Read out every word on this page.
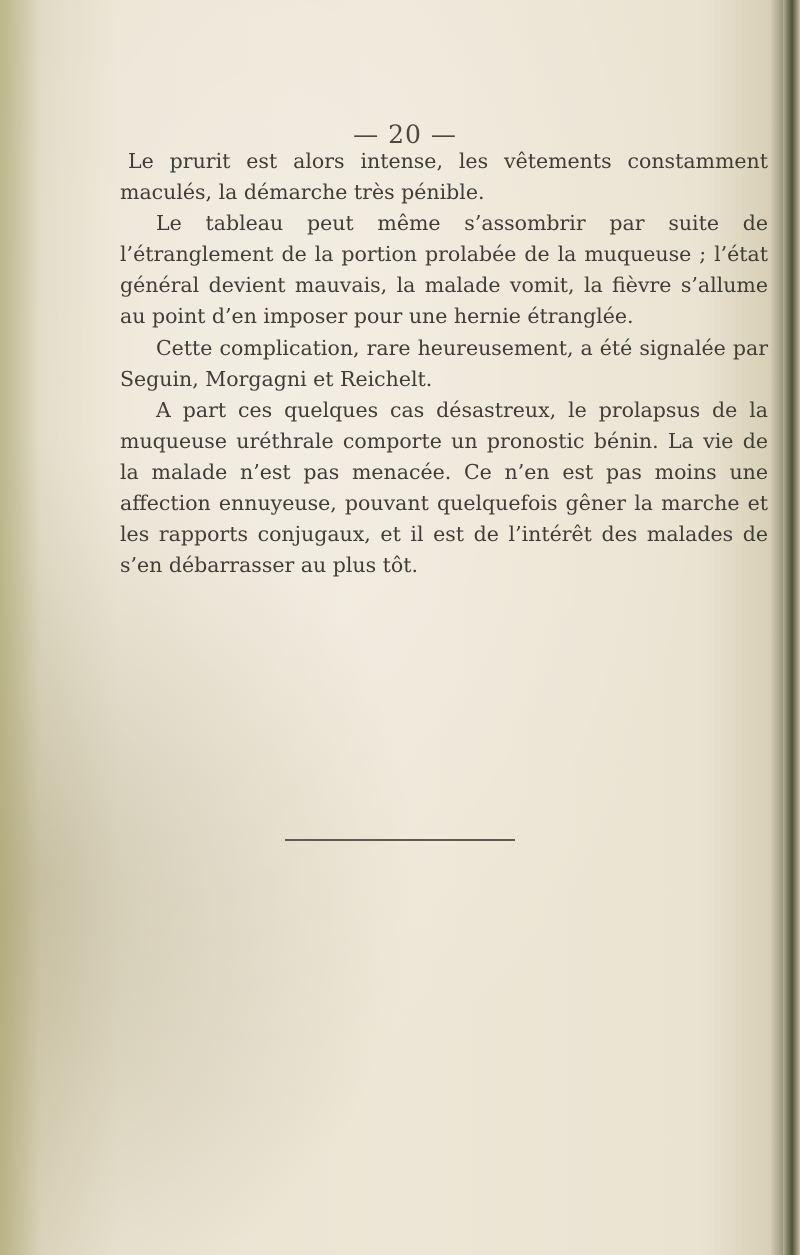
— 20 —

Le prurit est alors intense, les vêtements constamment maculés, la démarche très pénible.

Le tableau peut même s’assombrir par suite de l’étranglement de la portion prolabée de la muqueuse ; l’état général devient mauvais, la malade vomit, la fièvre s’allume au point d’en imposer pour une hernie étranglée.

Cette complication, rare heureusement, a été signalée par Seguin, Morgagni et Reichelt.

A part ces quelques cas désastreux, le prolapsus de la muqueuse uréthrale comporte un pronostic bénin. La vie de la malade n’est pas menacée. Ce n’en est pas moins une affection ennuyeuse, pouvant quelquefois gêner la marche et les rapports conjugaux, et il est de l’intérêt des malades de s’en débarrasser au plus tôt.
